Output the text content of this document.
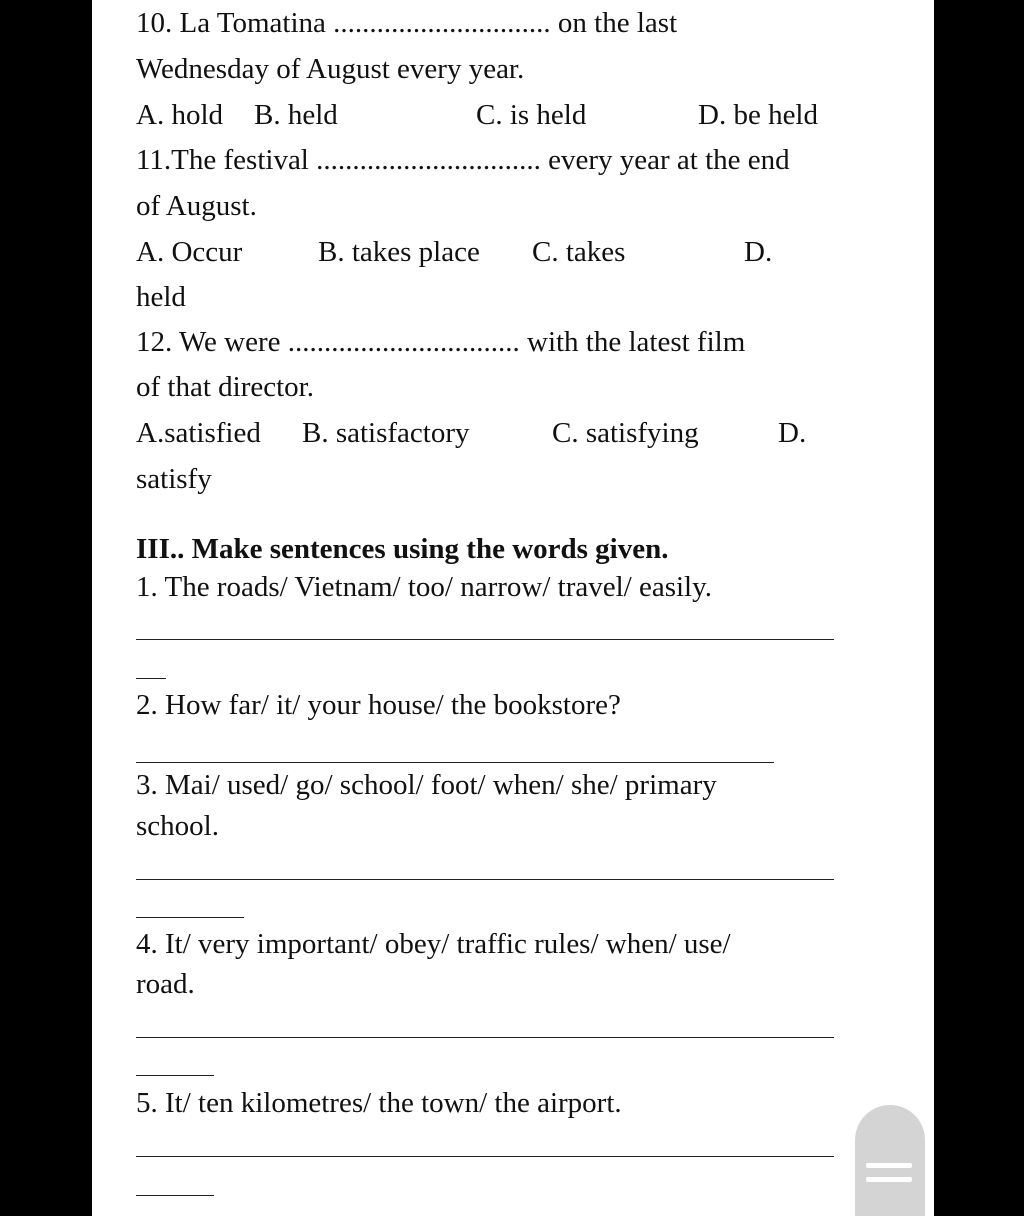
10. La Tomatina .............................. on the last
Wednesday of August every year.
A. hold B. held	C. is held	D. be held
11.The festival ............................... every year at the end
of August.
A. Occur	B. takes place C. takes	D.
held
12. We were ................................ with the latest film
of that director.
A.satisfied B. satisfactory	C. satisfying	D.
satisfy
III.. Make sentences using the words given.
1. The roads/ Vietnam/ too/ narrow/ travel/ easily.
2. How far/ it/ your house/ the bookstore?
3. Mai/ used/ go/ school/ foot/ when/ she/ primary
school.
4. It/ very important/ obey/ traffic rules/ when/ use/
road.
5. It/ ten kilometres/ the town/ the airport.
